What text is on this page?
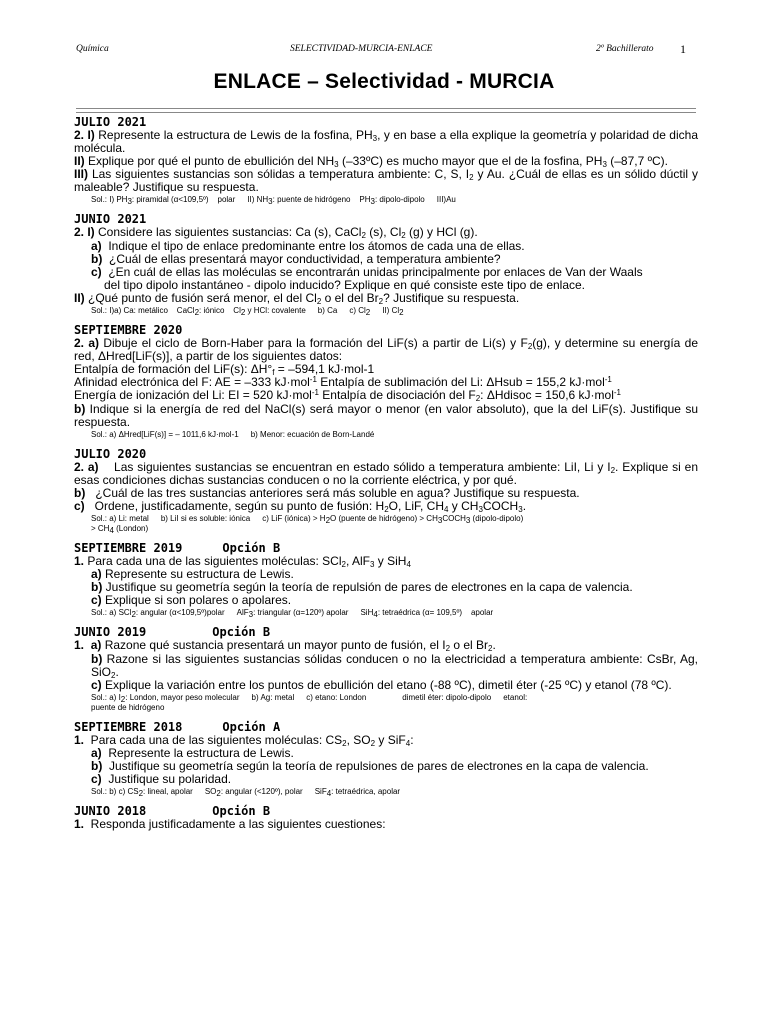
Química	SELECTIVIDAD-MURCIA-ENLACE	2º Bachillerato 1
ENLACE – Selectividad - MURCIA
JULIO 2021

2. I) Represente la estructura de Lewis de la fosfina, $PH_3$, y en base a ella explique la geometría y polaridad de dicha molécula.

II) Explique por qué el punto de ebullición del $NH_3$ (–33ºC) es mucho mayor que el de la fosfina, $PH_3$ (–87,7 ºC).

III) Las siguientes sustancias son sólidas a temperatura ambiente: C, S, $I_2$ y Au. ¿Cuál de ellas es un sólido dúctil y maleable? Justifique su respuesta.

Sol.: I) $PH_3$: piramidal (α<109,5º)    polar II) $NH_3$: puente de hidrógeno    $PH_3$: dipolo-dipolo III)Au

JUNIO 2021

2. I) Considere las siguientes sustancias: Ca (s), CaCl$_2$ (s), $Cl_2$ (g) y HCl (g).

a)  Indique el tipo de enlace predominante entre los átomos de cada una de ellas.

b)  ¿Cuál de ellas presentará mayor conductividad, a temperatura ambiente?

c)  ¿En cuál de ellas las moléculas se encontrarán unidas principalmente por enlaces de Van der Waals

del tipo dipolo instantáneo - dipolo inducido? Explique en qué consiste este tipo de enlace.

II) ¿Qué punto de fusión será menor, el del $Cl_2$ o el del $Br_2$? Justifique su respuesta.

Sol.: I)a) Ca: metálico    CaCl$_2$: iónico    $Cl_2$ y HCl: covalente b) Ca c) $Cl_2$ II) $Cl_2$

SEPTIEMBRE 2020

2. a) Dibuje el ciclo de Born-Haber para la formación del LiF(s) a partir de Li(s) y $F_2(g)$, y determine su energía de red, ΔHred[LiF(s)], a partir de los siguientes datos:

Entalpía de formación del LiF(s): $\Delta H^\circ_f = -594,1$ kJ·mol-1

Afinidad electrónica del F: AE = –333 kJ·mol$^{-1}$ Entalpía de sublimación del Li: ΔHsub = 155,2 kJ·mol$^{-1}$

Energía de ionización del Li: EI = 520 kJ·mol$^{-1}$ Entalpía de disociación del $F_2$: ΔHdisoc = 150,6 kJ·mol$^{-1}$

b) Indique si la energía de red del NaCl(s) será mayor o menor (en valor absoluto), que la del LiF(s). Justifique su respuesta.

Sol.: a) ΔHred[LiF(s)] = – 1011,6 kJ·mol-1 b) Menor: ecuación de Born-Landé

JULIO 2020

2. a)    Las siguientes sustancias se encuentran en estado sólido a temperatura ambiente: LiI, Li y $I_2$. Explique si en esas condiciones dichas sustancias conducen o no la corriente eléctrica, y por qué.

b)   ¿Cuál de las tres sustancias anteriores será más soluble en agua? Justifique su respuesta.

c)   Ordene, justificadamente, según su punto de fusión: $H_2O$, LiF, $CH_4$ y $CH_3COCH_3$.

Sol.: a) Li: metal b) LiI si es soluble: iónica c) LiF (iónica) > $H_2O$ (puente de hidrógeno) > $CH_3COCH_3$ (dipolo-dipolo)

> $CH_4$ (London)

SEPTIEMBRE 2019	Opción B

1. Para cada una de las siguientes moléculas: SCl$_2$, AlF$_3$ y SiH$_4$

a) Represente su estructura de Lewis.

b) Justifique su geometría según la teoría de repulsión de pares de electrones en la capa de valencia.

c) Explique si son polares o apolares.

Sol.: a) SCl$_2$: angular (α<109,5º)polar AlF$_3$: triangular (α=120º) apolar SiH$_4$: tetraédrica (α= 109,5º)    apolar

JUNIO 2019	Opción B

1. a) Razone qué sustancia presentará un mayor punto de fusión, el $I_2$ o el $Br_2$.

b) Razone si las siguientes sustancias sólidas conducen o no la electricidad a temperatura ambiente: CsBr, Ag, SiO$_2$.

c) Explique la variación entre los puntos de ebullición del etano (-88 ºC), dimetil éter (-25 ºC) y etanol (78 ºC).

Sol.: a) $I_2$: London, mayor peso molecular b) Ag: metal c) etano: London	dimetil éter: dipolo-dipolo etanol:

puente de hidrógeno

SEPTIEMBRE 2018	Opción A

1.  Para cada una de las siguientes moléculas: $CS_2$, $SO_2$ y SiF$_4$:

a)  Represente la estructura de Lewis.

b)  Justifique su geometría según la teoría de repulsiones de pares de electrones en la capa de valencia.

c)  Justifique su polaridad.

Sol.: b) c) $CS_2$: lineal, apolar $SO_2$: angular (<120º), polar SiF$_4$: tetraédrica, apolar

JUNIO 2018	Opción B

1.  Responda justificadamente a las siguientes cuestiones:
